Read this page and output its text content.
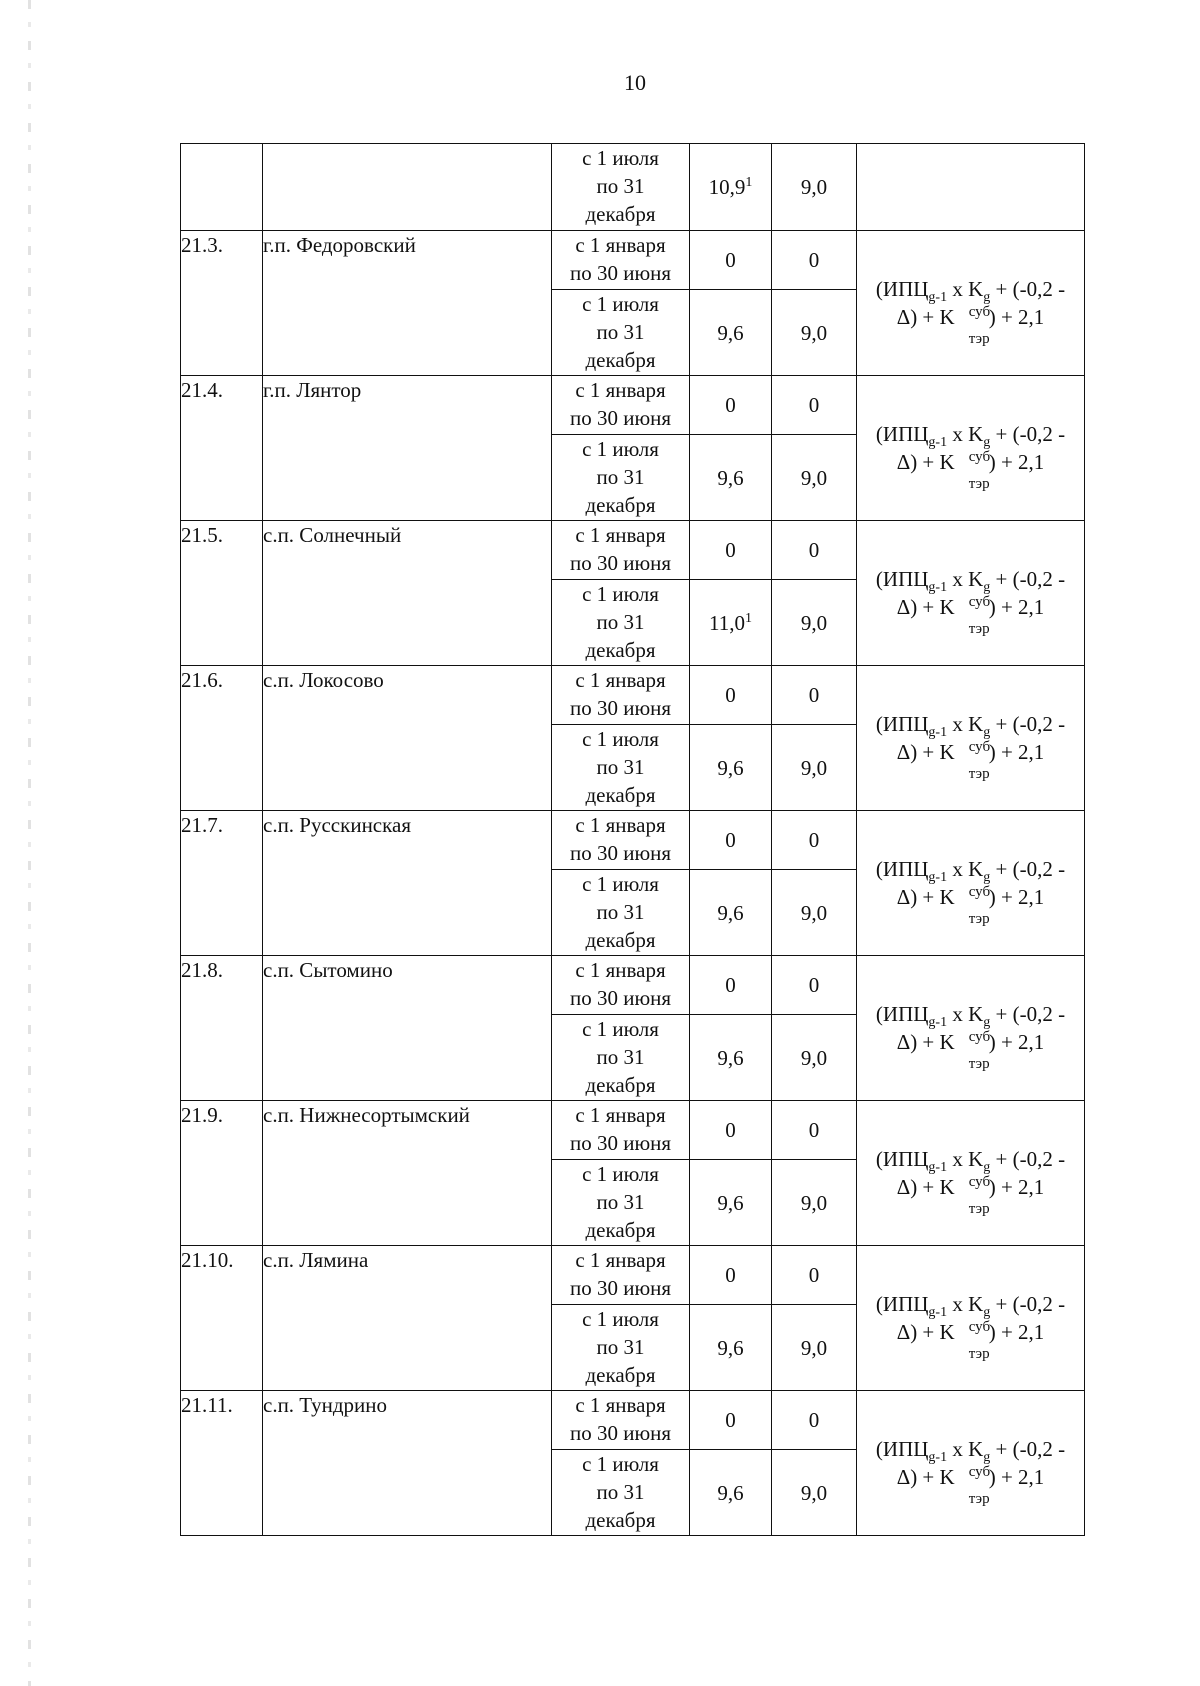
10
		с 1 июля
по 31
декабря	10,9$^1$	9,0	
21.3.	г.п. Федоровский	с 1 января
по 30 июня	0	0	($ИПЦ_{g-1}$ x $K_g + (-0,2$ -
Δ) + K суб
тэр
) + 2,1
		с 1 июля
по 31
декабря	9,6	9,0	
21.4.	г.п. Лянтор	с 1 января
по 30 июня	0	0	($ИПЦ_{g-1}$ x $K_g + (-0,2$ -
Δ) + K суб
тэр
) + 2,1
		с 1 июля
по 31
декабря	9,6	9,0	
21.5.	с.п. Солнечный	с 1 января
по 30 июня	0	0	($ИПЦ_{g-1}$ x $K_g + (-0,2$ -
Δ) + K суб
тэр
) + 2,1
		с 1 июля
по 31
декабря	11,0$^1$	9,0	
21.6.	с.п. Локосово	с 1 января
по 30 июня	0	0	($ИПЦ_{g-1}$ x $K_g + (-0,2$ -
Δ) + K суб
тэр
) + 2,1
		с 1 июля
по 31
декабря	9,6	9,0	
21.7.	с.п. Русскинская	с 1 января
по 30 июня	0	0	($ИПЦ_{g-1}$ x $K_g + (-0,2$ -
Δ) + K суб
тэр
) + 2,1
		с 1 июля
по 31
декабря	9,6	9,0	
21.8.	с.п. Сытомино	с 1 января
по 30 июня	0	0	($ИПЦ_{g-1}$ x $K_g + (-0,2$ -
Δ) + K суб
тэр
) + 2,1
		с 1 июля
по 31
декабря	9,6	9,0	
21.9.	с.п. Нижнесортымский	с 1 января
по 30 июня	0	0	($ИПЦ_{g-1}$ x $K_g + (-0,2$ -
Δ) + K суб
тэр
) + 2,1
		с 1 июля
по 31
декабря	9,6	9,0	
21.10.	с.п. Лямина	с 1 января
по 30 июня	0	0	($ИПЦ_{g-1}$ x $K_g + (-0,2$ -
Δ) + K суб
тэр
) + 2,1
		с 1 июля
по 31
декабря	9,6	9,0	
21.11.	с.п. Тундрино	с 1 января
по 30 июня	0	0	($ИПЦ_{g-1}$ x $K_g + (-0,2$ -
Δ) + K суб
тэр
) + 2,1
		с 1 июля
по 31
декабря	9,6	9,0	
